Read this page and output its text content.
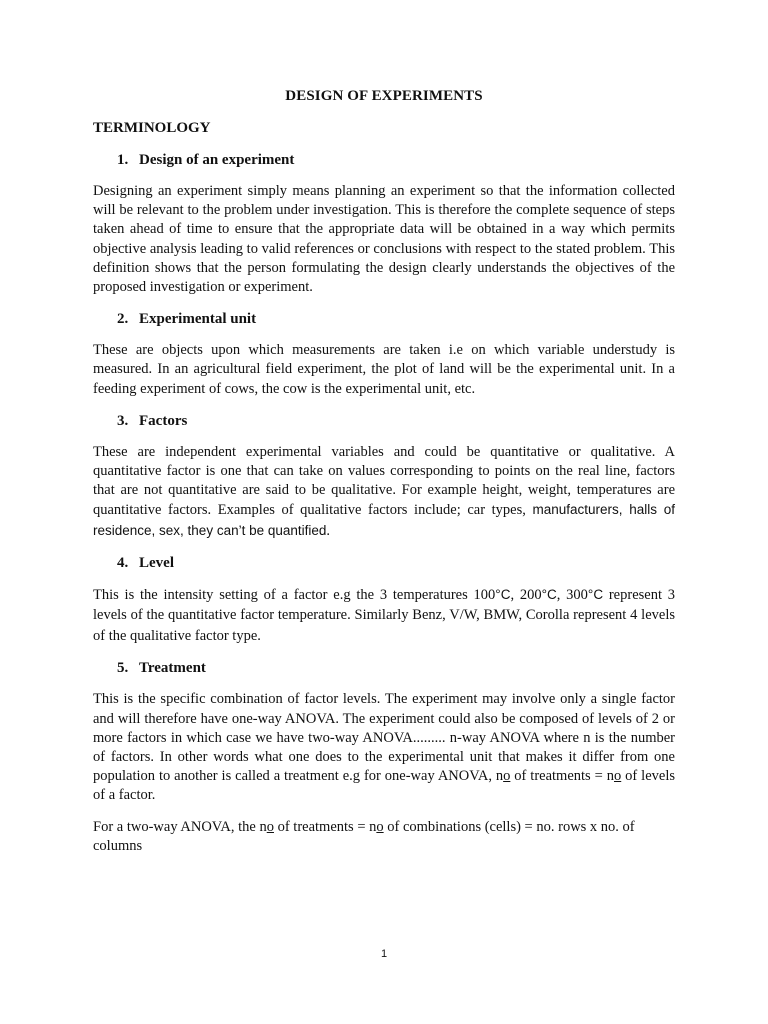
DESIGN OF EXPERIMENTS
TERMINOLOGY
1. Design of an experiment

Designing an experiment simply means planning an experiment so that the information collected will be relevant to the problem under investigation. This is therefore the complete sequence of steps taken ahead of time to ensure that the appropriate data will be obtained in a way which permits objective analysis leading to valid references or conclusions with respect to the stated problem. This definition shows that the person formulating the design clearly understands the objectives of the proposed investigation or experiment.

2. Experimental unit

These are objects upon which measurements are taken i.e on which variable understudy is measured. In an agricultural field experiment, the plot of land will be the experimental unit. In a feeding experiment of cows, the cow is the experimental unit, etc.

3. Factors

These are independent experimental variables and could be quantitative or qualitative. A quantitative factor is one that can take on values corresponding to points on the real line, factors that are not quantitative are said to be qualitative. For example height, weight, temperatures are quantitative factors. Examples of qualitative factors include; car types, manufacturers, halls of residence, sex, they can’t be quantified.

4. Level

This is the intensity setting of a factor e.g the 3 temperatures 100°C, 200°C, 300°C represent 3 levels of the quantitative factor temperature. Similarly Benz, V/W, BMW, Corolla represent 4 levels of the qualitative factor type.

5. Treatment

This is the specific combination of factor levels. The experiment may involve only a single factor and will therefore have one-way ANOVA. The experiment could also be composed of levels of 2 or more factors in which case we have two-way ANOVA......... n-way ANOVA where n is the number of factors. In other words what one does to the experimental unit that makes it differ from one population to another is called a treatment e.g for one-way ANOVA, no of treatments = no of levels of a factor.

For a two-way ANOVA, the no of treatments = no of combinations (cells) = no. rows x no. of columns

1
